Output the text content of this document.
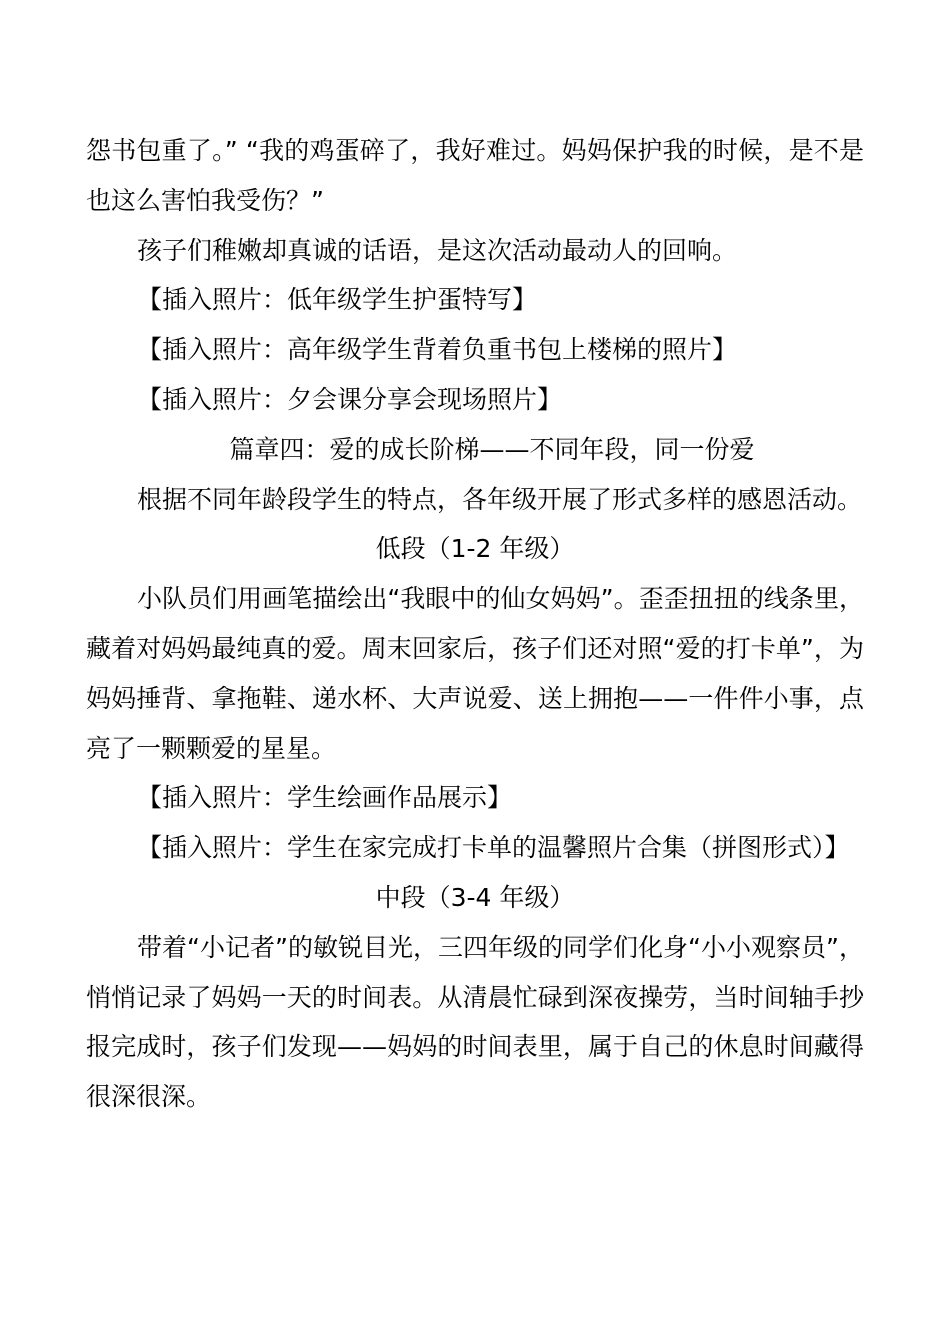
怨书包重了。” “我的鸡蛋碎了，我好难过。妈妈保护我的时候，是不是也这么害怕我受伤？”

孩子们稚嫩却真诚的话语，是这次活动最动人的回响。

【插入照片：低年级学生护蛋特写】

【插入照片：高年级学生背着负重书包上楼梯的照片】

【插入照片：夕会课分享会现场照片】

篇章四：爱的成长阶梯——不同年段，同一份爱

根据不同年龄段学生的特点，各年级开展了形式多样的感恩活动。

低段（1-2 年级）

小队员们用画笔描绘出“我眼中的仙女妈妈”。歪歪扭扭的线条里，藏着对妈妈最纯真的爱。周末回家后，孩子们还对照“爱的打卡单”，为妈妈捶背、拿拖鞋、递水杯、大声说爱、送上拥抱——一件件小事，点亮了一颗颗爱的星星。

【插入照片：学生绘画作品展示】

【插入照片：学生在家完成打卡单的温馨照片合集（拼图形式）】

中段（3-4 年级）

带着“小记者”的敏锐目光，三四年级的同学们化身“小小观察员”，悄悄记录了妈妈一天的时间表。从清晨忙碌到深夜操劳，当时间轴手抄报完成时，孩子们发现——妈妈的时间表里，属于自己的休息时间藏得很深很深。
